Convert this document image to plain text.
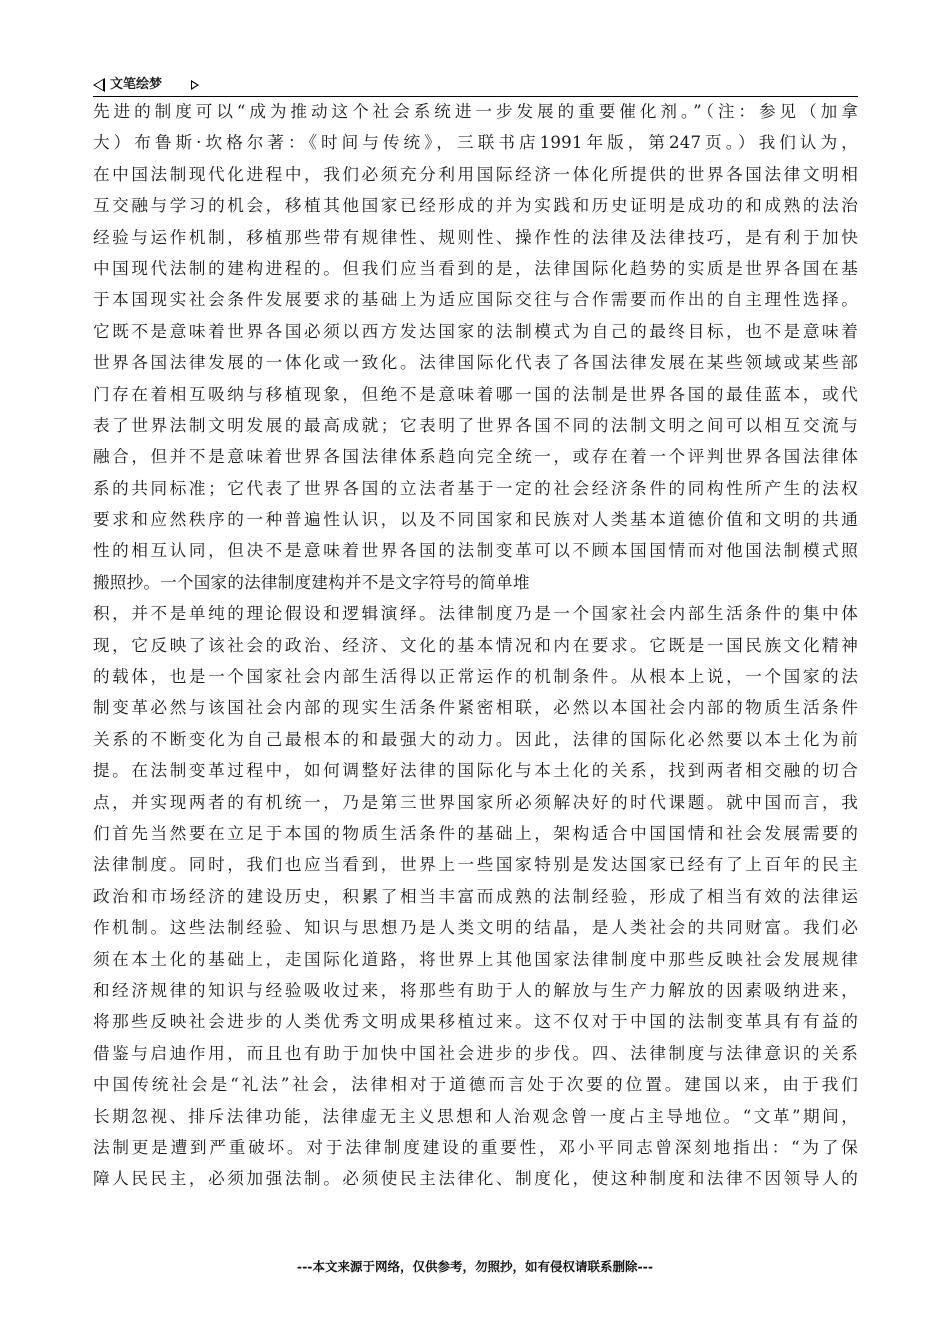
文笔绘梦
先进的制度可以“成为推动这个社会系统进一步发展的重要催化剂。”（注：参见（加拿
大）布鲁斯·坎格尔著：《时间与传统》，三联书店1991年版，第247页。）我们认为，
在中国法制现代化进程中，我们必须充分利用国际经济一体化所提供的世界各国法律文明相
互交融与学习的机会，移植其他国家已经形成的并为实践和历史证明是成功的和成熟的法治
经验与运作机制，移植那些带有规律性、规则性、操作性的法律及法律技巧，是有利于加快
中国现代法制的建构进程的。但我们应当看到的是，法律国际化趋势的实质是世界各国在基
于本国现实社会条件发展要求的基础上为适应国际交往与合作需要而作出的自主理性选择。
它既不是意味着世界各国必须以西方发达国家的法制模式为自己的最终目标，也不是意味着
世界各国法律发展的一体化或一致化。法律国际化代表了各国法律发展在某些领域或某些部
门存在着相互吸纳与移植现象，但绝不是意味着哪一国的法制是世界各国的最佳蓝本，或代
表了世界法制文明发展的最高成就；它表明了世界各国不同的法制文明之间可以相互交流与
融合，但并不是意味着世界各国法律体系趋向完全统一，或存在着一个评判世界各国法律体
系的共同标准；它代表了世界各国的立法者基于一定的社会经济条件的同构性所产生的法权
要求和应然秩序的一种普遍性认识，以及不同国家和民族对人类基本道德价值和文明的共通
性的相互认同，但决不是意味着世界各国的法制变革可以不顾本国国情而对他国法制模式照
搬照抄。一个国家的法律制度建构并不是文字符号的简单堆
积，并不是单纯的理论假设和逻辑演绎。法律制度乃是一个国家社会内部生活条件的集中体
现，它反映了该社会的政治、经济、文化的基本情况和内在要求。它既是一国民族文化精神
的载体，也是一个国家社会内部生活得以正常运作的机制条件。从根本上说，一个国家的法
制变革必然与该国社会内部的现实生活条件紧密相联，必然以本国社会内部的物质生活条件
关系的不断变化为自己最根本的和最强大的动力。因此，法律的国际化必然要以本土化为前
提。在法制变革过程中，如何调整好法律的国际化与本土化的关系，找到两者相交融的切合
点，并实现两者的有机统一，乃是第三世界国家所必须解决好的时代课题。就中国而言，我
们首先当然要在立足于本国的物质生活条件的基础上，架构适合中国国情和社会发展需要的
法律制度。同时，我们也应当看到，世界上一些国家特别是发达国家已经有了上百年的民主
政治和市场经济的建设历史，积累了相当丰富而成熟的法制经验，形成了相当有效的法律运
作机制。这些法制经验、知识与思想乃是人类文明的结晶，是人类社会的共同财富。我们必
须在本土化的基础上，走国际化道路，将世界上其他国家法律制度中那些反映社会发展规律
和经济规律的知识与经验吸收过来，将那些有助于人的解放与生产力解放的因素吸纳进来，
将那些反映社会进步的人类优秀文明成果移植过来。这不仅对于中国的法制变革具有有益的
借鉴与启迪作用，而且也有助于加快中国社会进步的步伐。四、法律制度与法律意识的关系
中国传统社会是“礼法”社会，法律相对于道德而言处于次要的位置。建国以来，由于我们
长期忽视、排斥法律功能，法律虚无主义思想和人治观念曾一度占主导地位。“文革”期间，
法制更是遭到严重破坏。对于法律制度建设的重要性，邓小平同志曾深刻地指出：“为了保
障人民民主，必须加强法制。必须使民主法律化、制度化，使这种制度和法律不因领导人的
---本文来源于网络，仅供参考，勿照抄，如有侵权请联系删除---
